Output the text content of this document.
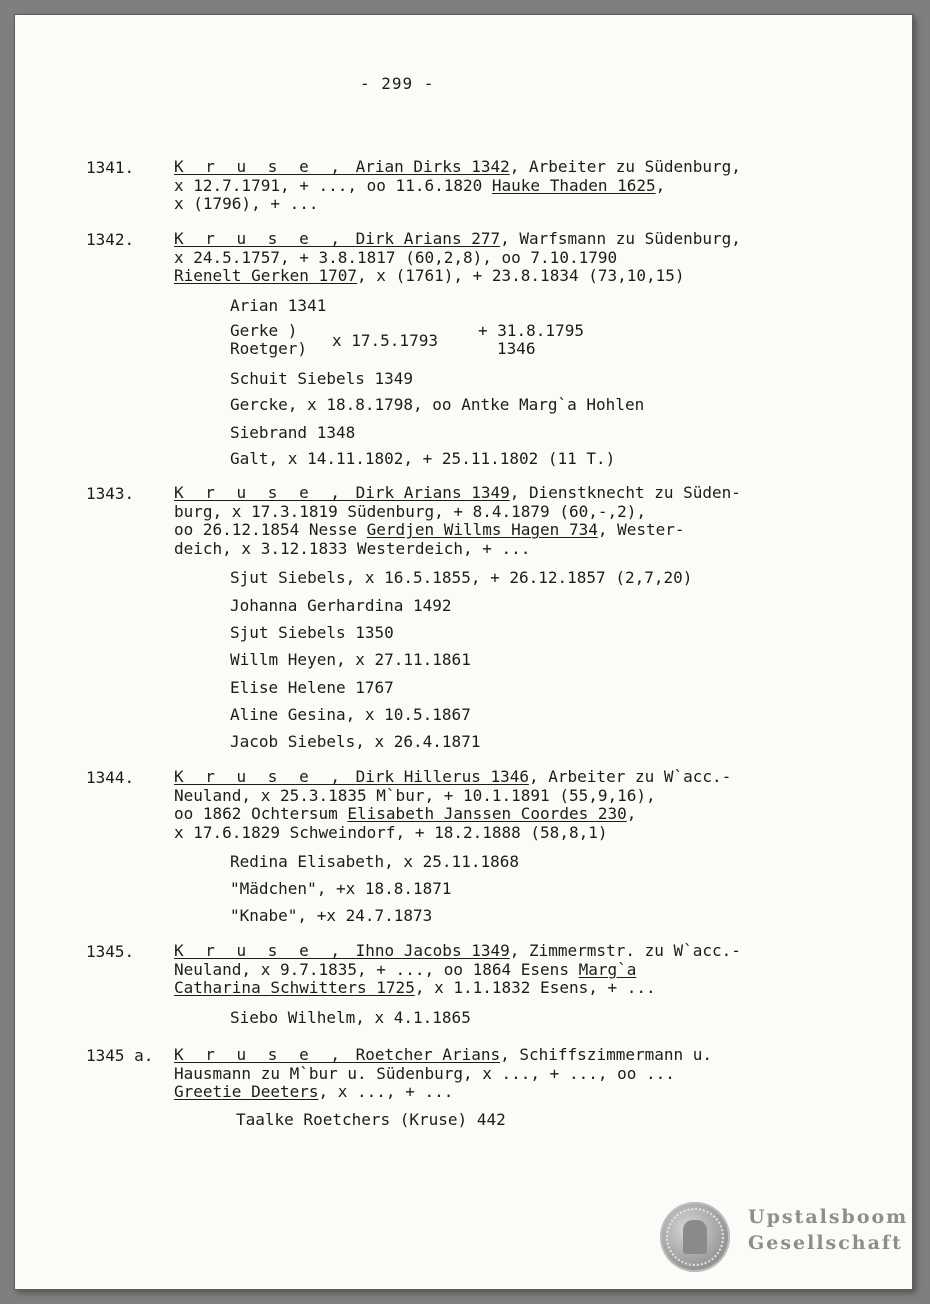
- 299 -
1341. K r u s e , Arian Dirks 1342, Arbeiter zu Südenburg,
x 12.7.1791, + ..., oo 11.6.1820 Hauke Thaden 1625,
x (1796), + ...
1342. K r u s e , Dirk Arians 277, Warfsmann zu Südenburg,
x 24.5.1757, + 3.8.1817 (60,2,8), oo 7.10.1790
Rienelt Gerken 1707, x (1761), + 23.8.1834 (73,10,15)
Arian 1341
Gerke )
Roetger) x 17.5.1793
+ 31.8.1795
1346
Schuit Siebels 1349
Gercke, x 18.8.1798, oo Antke Marg`a Hohlen
Siebrand 1348
Galt, x 14.11.1802, + 25.11.1802 (11 T.)
1343. K r u s e , Dirk Arians 1349, Dienstknecht zu Süden-
burg, x 17.3.1819 Südenburg, + 8.4.1879 (60,-,2),
oo 26.12.1854 Nesse Gerdjen Willms Hagen 734, Wester-
deich, x 3.12.1833 Westerdeich, + ...
Sjut Siebels, x 16.5.1855, + 26.12.1857 (2,7,20)
Johanna Gerhardina 1492
Sjut Siebels 1350
Willm Heyen, x 27.11.1861
Elise Helene 1767
Aline Gesina, x 10.5.1867
Jacob Siebels, x 26.4.1871
1344. K r u s e , Dirk Hillerus 1346, Arbeiter zu W`acc.-
Neuland, x 25.3.1835 M`bur, + 10.1.1891 (55,9,16),
oo 1862 Ochtersum Elisabeth Janssen Coordes 230,
x 17.6.1829 Schweindorf, + 18.2.1888 (58,8,1)
Redina Elisabeth, x 25.11.1868
"Mädchen", +x 18.8.1871
"Knabe", +x 24.7.1873
1345. K r u s e , Ihno Jacobs 1349, Zimmermstr. zu W`acc.-
Neuland, x 9.7.1835, + ..., oo 1864 Esens Marg`a
Catharina Schwitters 1725, x 1.1.1832 Esens, + ...
Siebo Wilhelm, x 4.1.1865
1345 a. K r u s e , Roetcher Arians, Schiffszimmermann u.
Hausmann zu M`bur u. Südenburg, x ..., + ..., oo ...
Greetie Deeters, x ..., + ...
Taalke Roetchers (Kruse) 442
Upstalsboom
Gesellschaft
